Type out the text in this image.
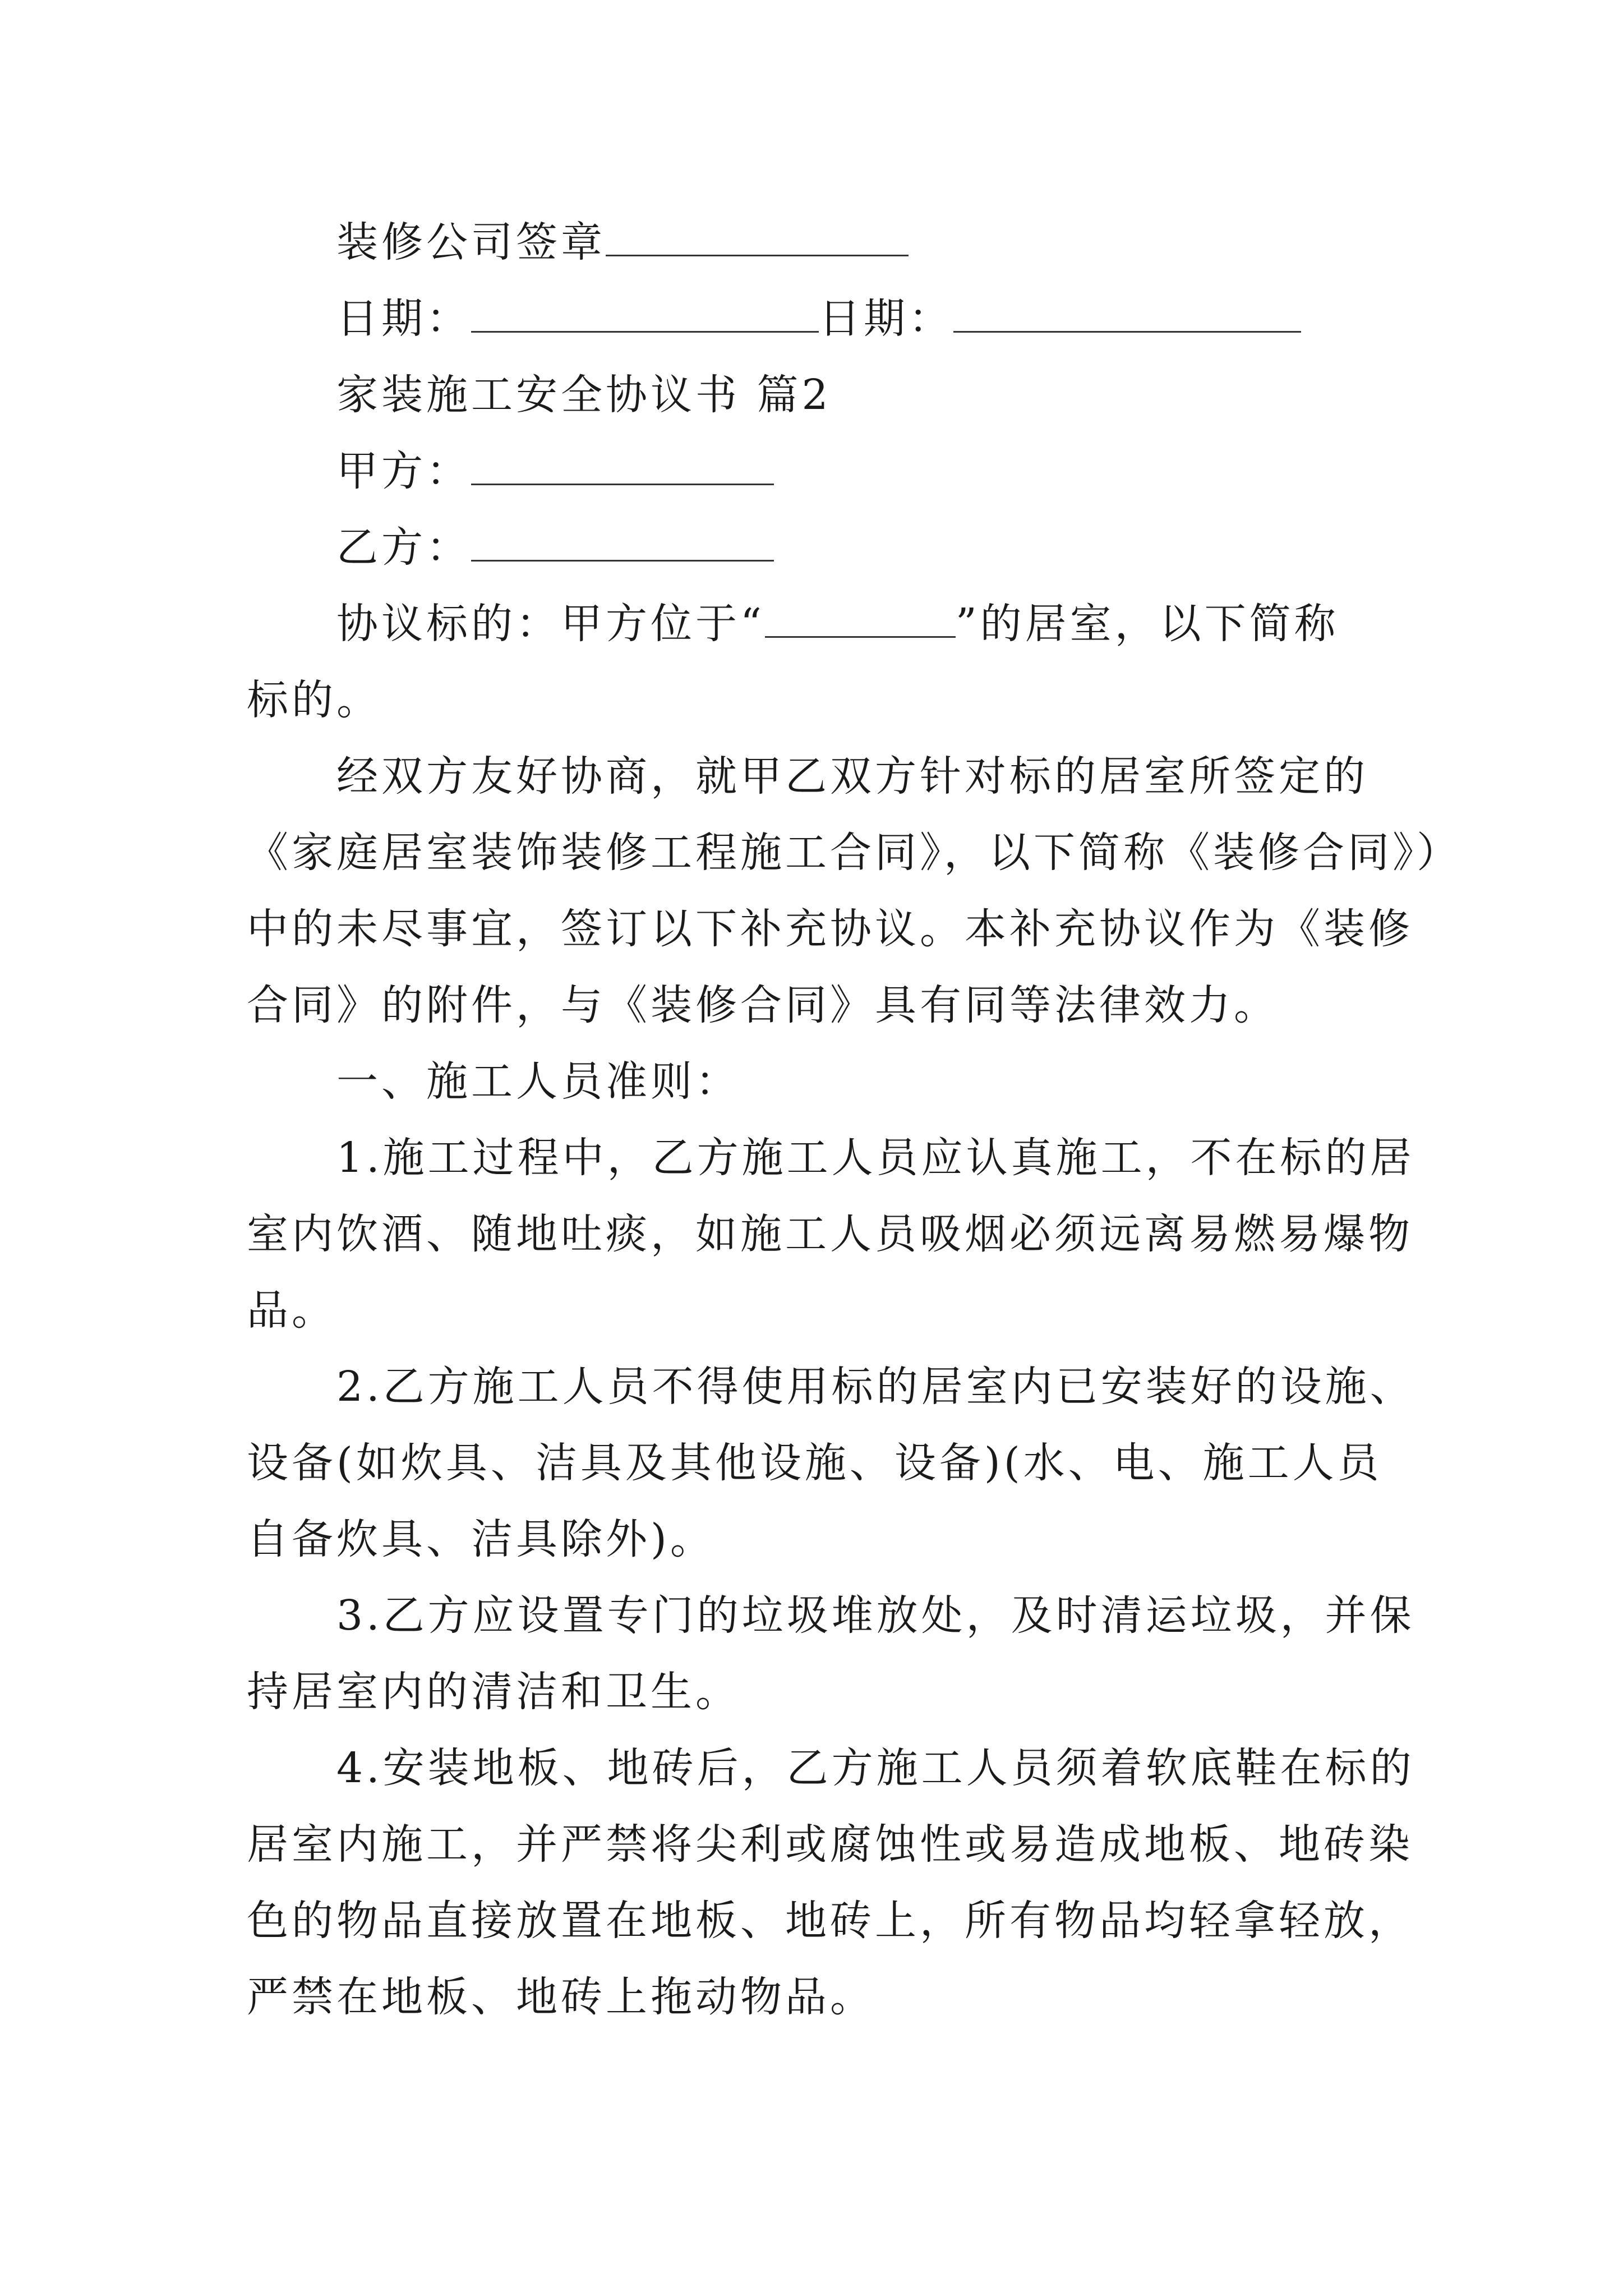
装修公司签章
日期：	日期：
家装施工安全协议书 篇2
甲方：
乙方：
协议标的：甲方位于“	”的居室，以下简称
标的。
经双方友好协商，就甲乙双方针对标的居室所签定的
《家庭居室装饰装修工程施工合同》，以下简称《装修合同》）
中的未尽事宜，签订以下补充协议。本补充协议作为《装修
合同》的附件，与《装修合同》具有同等法律效力。
一、施工人员准则：
1.施工过程中，乙方施工人员应认真施工，不在标的居
室内饮酒、随地吐痰，如施工人员吸烟必须远离易燃易爆物
品。
2.乙方施工人员不得使用标的居室内已安装好的设施、
设备(如炊具、洁具及其他设施、设备)(水、电、施工人员
自备炊具、洁具除外)。
3.乙方应设置专门的垃圾堆放处，及时清运垃圾，并保
持居室内的清洁和卫生。
4.安装地板、地砖后，乙方施工人员须着软底鞋在标的
居室内施工，并严禁将尖利或腐蚀性或易造成地板、地砖染
色的物品直接放置在地板、地砖上，所有物品均轻拿轻放，
严禁在地板、地砖上拖动物品。
